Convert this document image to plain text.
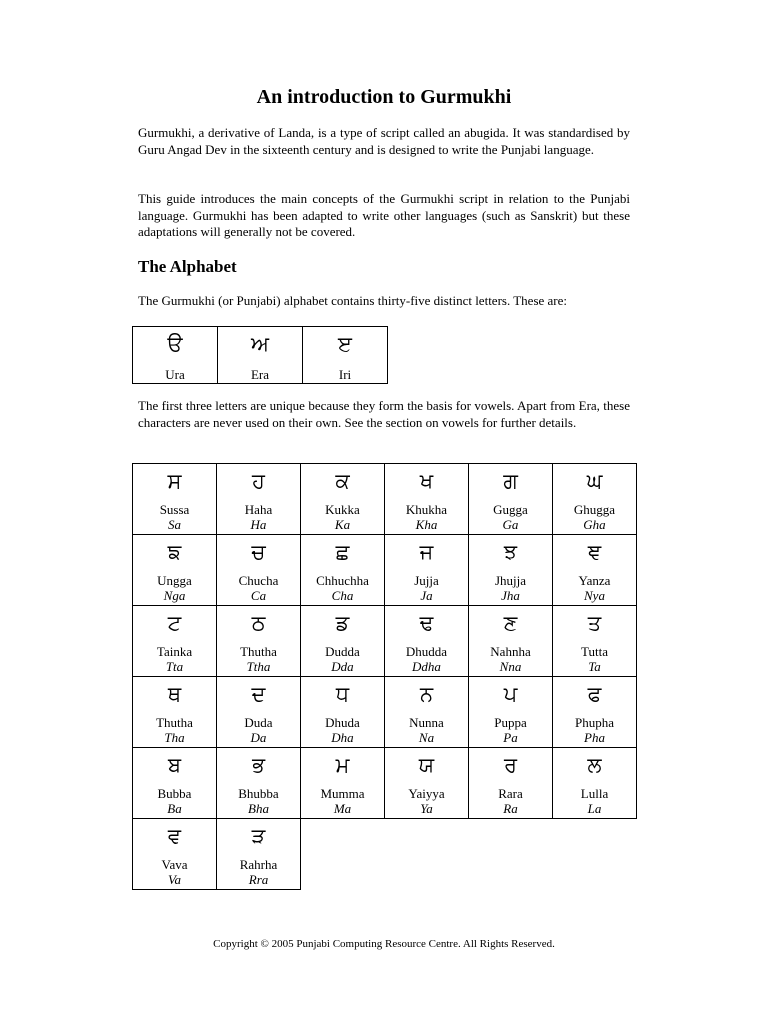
An introduction to Gurmukhi

Gurmukhi, a derivative of Landa, is a type of script called an abugida. It was standardised by Guru Angad Dev in the sixteenth century and is designed to write the Punjabi language.

This guide introduces the main concepts of the Gurmukhi script in relation to the Punjabi language. Gurmukhi has been adapted to write other languages (such as Sanskrit) but these adaptations will generally not be covered.

The Alphabet

The Gurmukhi (or Punjabi) alphabet contains thirty-five distinct letters. These are:

ੳ
Ura

ਅ
Era

ੲ
Iri

The first three letters are unique because they form the basis for vowels. Apart from Era, these characters are never used on their own. See the section on vowels for further details.

ਸ
Sussa
Sa	ਹ
Haha
Ha	ਕ
Kukka
Ka	ਖ
Khukha
Kha	ਗ
Gugga
Ga	ਘ
Ghugga
Gha

ਙ
Ungga
Nga	ਚ
Chucha
Ca	ਛ
Chhuchha
Cha	ਜ
Jujja
Ja	ਝ
Jhujja
Jha	ਞ
Yanza
Nya

ਟ
Tainka
Tta	ਠ
Thutha
Ttha	ਡ
Dudda
Dda	ਢ
Dhudda
Ddha	ਣ
Nahnha
Nna	ਤ
Tutta
Ta

ਥ
Thutha
Tha	ਦ
Duda
Da	ਧ
Dhuda
Dha	ਨ
Nunna
Na	ਪ
Puppa
Pa	ਫ
Phupha
Pha

ਬ
Bubba
Ba	ਭ
Bhubba
Bha	ਮ
Mumma
Ma	ਯ
Yaiyya
Ya	ਰ
Rara
Ra	ਲ
Lulla
La

ਵ
Vava
Va	ੜ
Rahrha
Rra				

Copyright © 2005 Punjabi Computing Resource Centre. All Rights Reserved.
